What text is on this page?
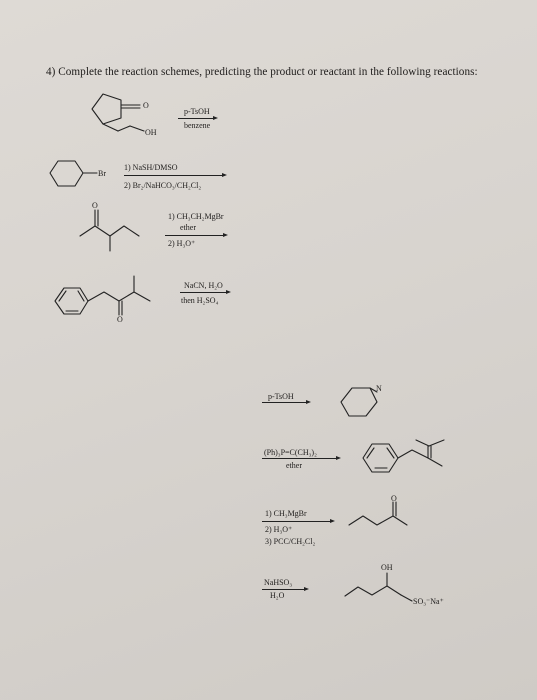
4) Complete the reaction schemes, predicting the product or reactant in the following reactions:
O
OH
p-TsOH
benzene
Br
1) NaSH/DMSO
2) Br₂/NaHCO₃/CH₂Cl₂
O
1) CH₃CH₂MgBr
ether
2) H₃O⁺
O
NaCN, H₂O
then H₂SO₄
p-TsOH
N
(Ph)₃P=C(CH₃)₂
ether
O
1) CH₃MgBr
2) H₃O⁺
3) PCC/CH₂Cl₂
OH
NaHSO₃
H₂O
SO₃⁻Na⁺
